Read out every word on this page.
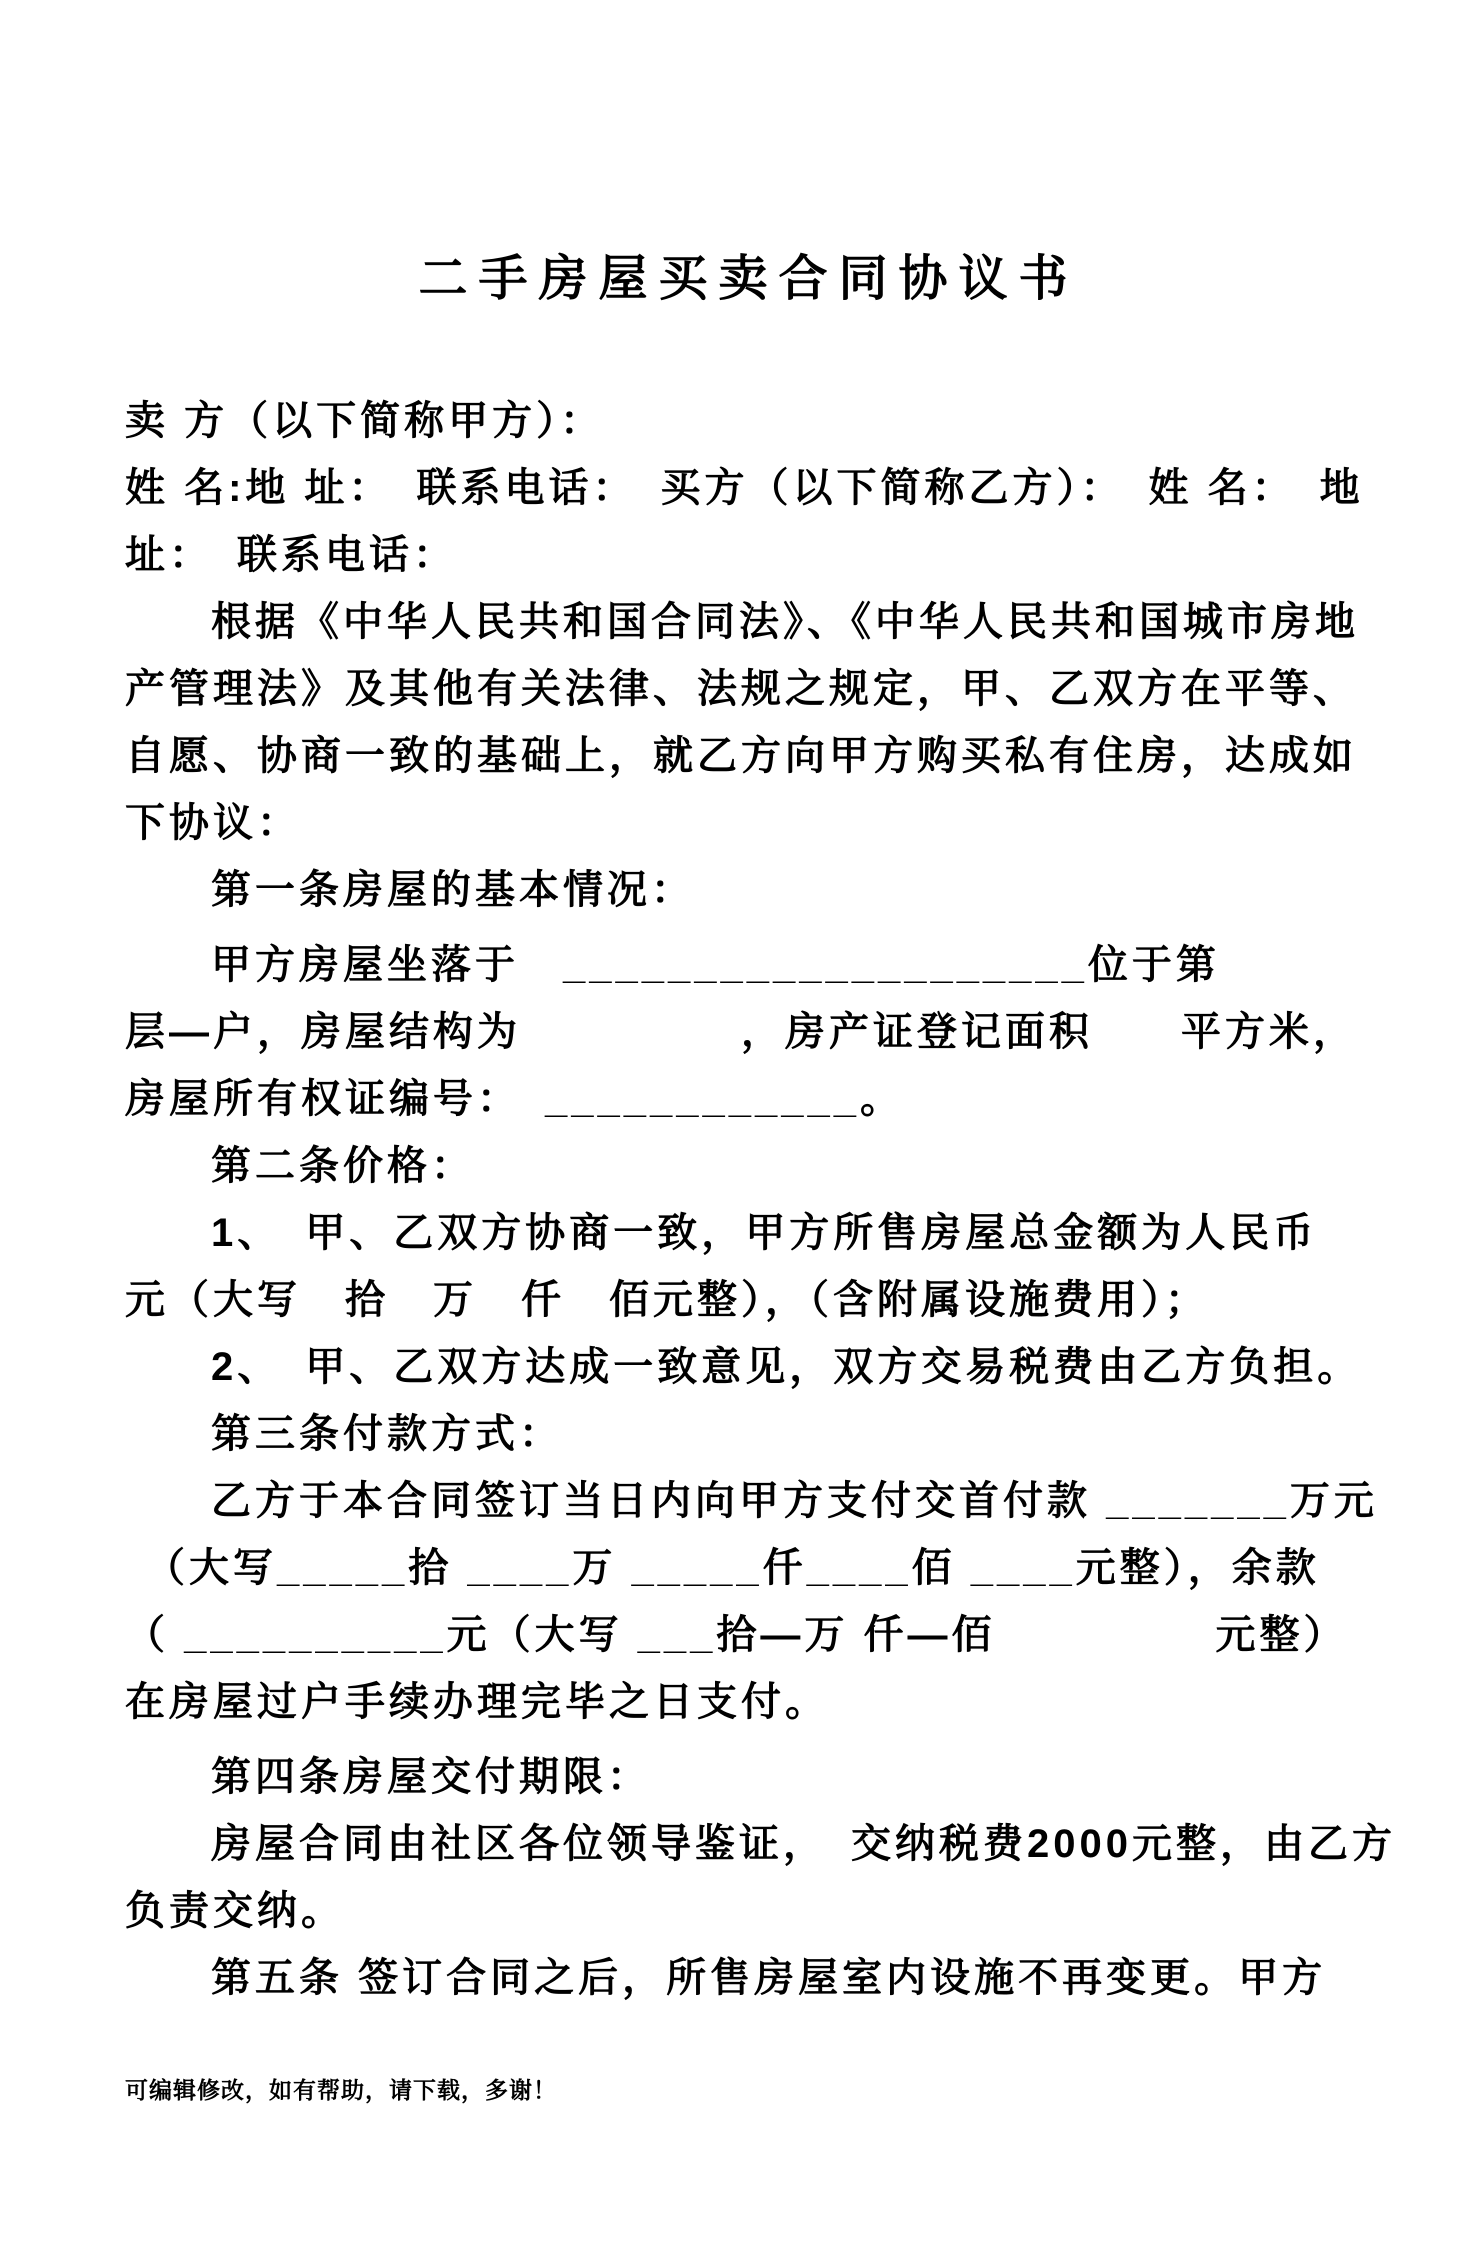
二手房屋买卖合同协议书

卖 方（以下简称甲方）：

姓 名:地 址：　联系电话：　买方（以下简称乙方）：　姓 名：　地

址：　联系电话：

根据《中华人民共和国合同法》、《中华人民共和国城市房地

产管理法》及其他有关法律、法规之规定，甲、乙双方在平等、

自愿、协商一致的基础上，就乙方向甲方购买私有住房，达成如

下协议：

第一条房屋的基本情况：

甲方房屋坐落于　____________________位于第

层—户，房屋结构为　　　　　，房产证登记面积　　平方米，

房屋所有权证编号：　____________。

第二条价格：

1、　甲、乙双方协商一致，甲方所售房屋总金额为人民币

元（大写　拾　万　仟　佰元整），（含附属设施费用）；

2、　甲、乙双方达成一致意见，双方交易税费由乙方负担。

第三条付款方式：

乙方于本合同签订当日内向甲方支付交首付款 _______万元

（大写_____拾 ____万 _____仟____佰 ____元整），余款

（ __________元（大写 ___拾—万 仟—佰　　　　　元整）

在房屋过户手续办理完毕之日支付。

第四条房屋交付期限：

房屋合同由社区各位领导鉴证，　交纳税费2000元整，由乙方

负责交纳。

第五条 签订合同之后，所售房屋室内设施不再变更。甲方

可编辑修改，如有帮助，请下载，多谢！
